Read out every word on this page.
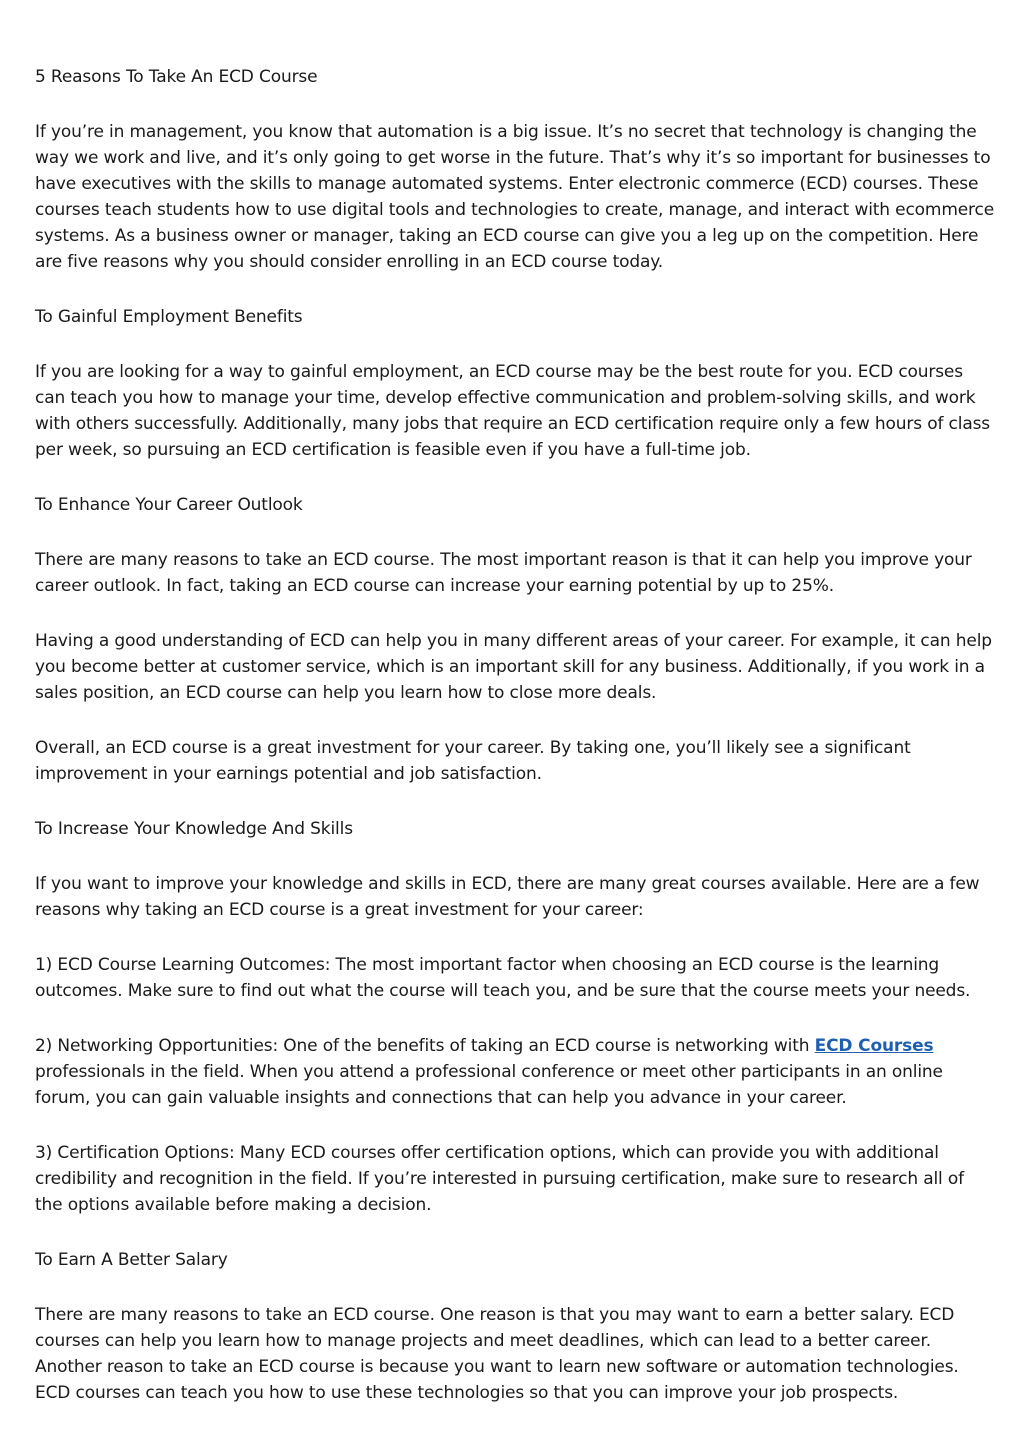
5 Reasons To Take An ECD Course

If you’re in management, you know that automation is a big issue. It’s no secret that technology is changing the way we work and live, and it’s only going to get worse in the future. That’s why it’s so important for businesses to have executives with the skills to manage automated systems. Enter electronic commerce (ECD) courses. These courses teach students how to use digital tools and technologies to create, manage, and interact with ecommerce systems. As a business owner or manager, taking an ECD course can give you a leg up on the competition. Here are five reasons why you should consider enrolling in an ECD course today.

To Gainful Employment Benefits

If you are looking for a way to gainful employment, an ECD course may be the best route for you. ECD courses can teach you how to manage your time, develop effective communication and problem-solving skills, and work with others successfully. Additionally, many jobs that require an ECD certification require only a few hours of class per week, so pursuing an ECD certification is feasible even if you have a full-time job.

To Enhance Your Career Outlook

There are many reasons to take an ECD course. The most important reason is that it can help you improve your career outlook. In fact, taking an ECD course can increase your earning potential by up to 25%.

Having a good understanding of ECD can help you in many different areas of your career. For example, it can help you become better at customer service, which is an important skill for any business. Additionally, if you work in a sales position, an ECD course can help you learn how to close more deals.

Overall, an ECD course is a great investment for your career. By taking one, you’ll likely see a significant improvement in your earnings potential and job satisfaction.

To Increase Your Knowledge And Skills

If you want to improve your knowledge and skills in ECD, there are many great courses available. Here are a few reasons why taking an ECD course is a great investment for your career:

1) ECD Course Learning Outcomes: The most important factor when choosing an ECD course is the learning outcomes. Make sure to find out what the course will teach you, and be sure that the course meets your needs.

2) Networking Opportunities: One of the benefits of taking an ECD course is networking with ECD Courses professionals in the field. When you attend a professional conference or meet other participants in an online forum, you can gain valuable insights and connections that can help you advance in your career.

3) Certification Options: Many ECD courses offer certification options, which can provide you with additional credibility and recognition in the field. If you’re interested in pursuing certification, make sure to research all of the options available before making a decision.

To Earn A Better Salary

There are many reasons to take an ECD course. One reason is that you may want to earn a better salary. ECD courses can help you learn how to manage projects and meet deadlines, which can lead to a better career. Another reason to take an ECD course is because you want to learn new software or automation technologies. ECD courses can teach you how to use these technologies so that you can improve your job prospects.
